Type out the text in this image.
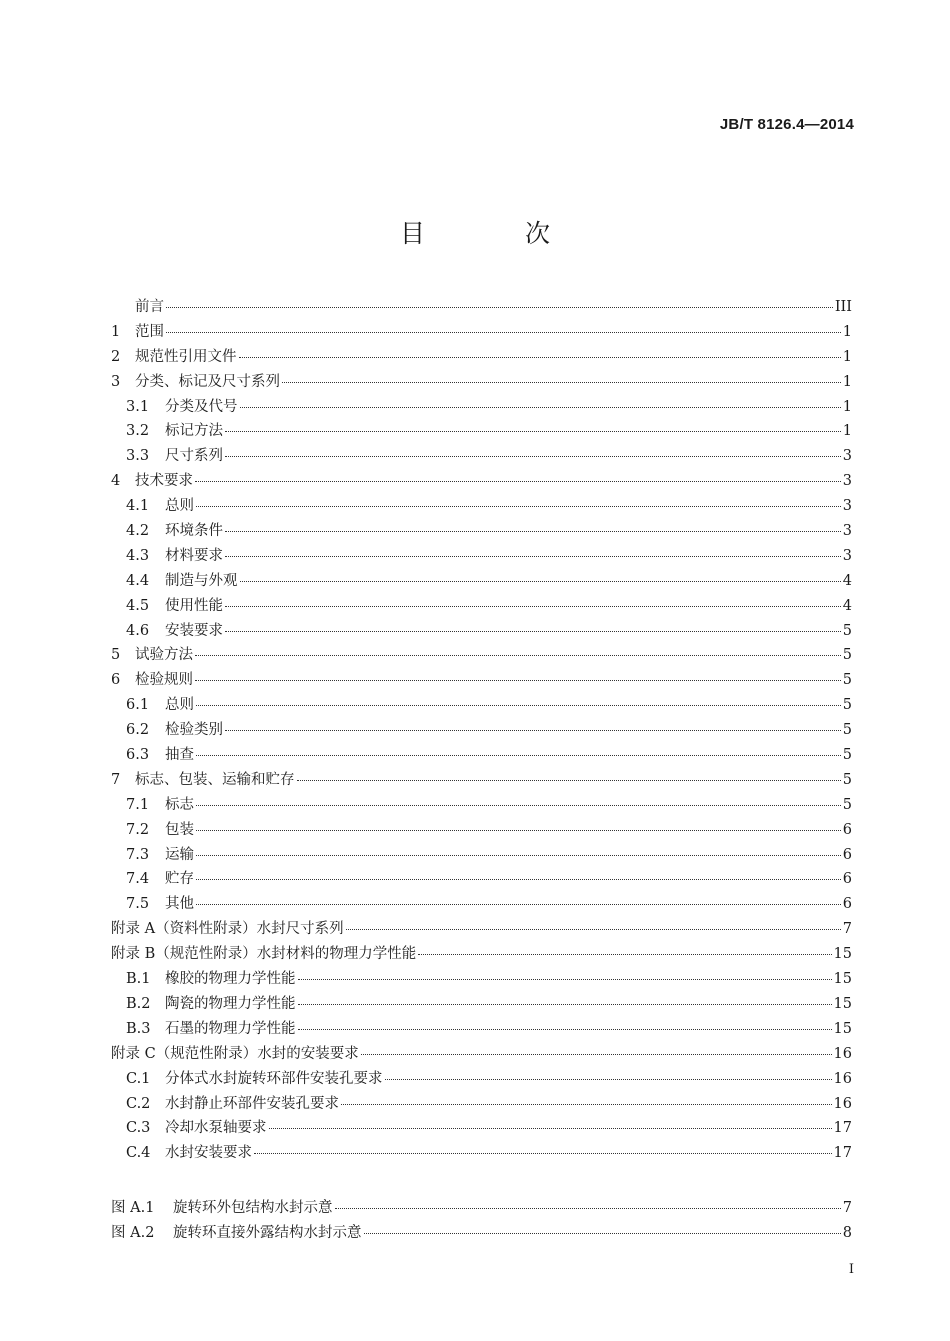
JB/T 8126.4—2014
目 次
前言	III
1	范围	1
2	规范性引用文件	1
3	分类、标记及尺寸系列	1
3.1	分类及代号	1
3.2	标记方法	1
3.3	尺寸系列	3
4	技术要求	3
4.1	总则	3
4.2	环境条件	3
4.3	材料要求	3
4.4	制造与外观	4
4.5	使用性能	4
4.6	安装要求	5
5	试验方法	5
6	检验规则	5
6.1	总则	5
6.2	检验类别	5
6.3	抽查	5
7	标志、包装、运输和贮存	5
7.1	标志	5
7.2	包装	6
7.3	运输	6
7.4	贮存	6
7.5	其他	6
附录 A（资料性附录）水封尺寸系列	7
附录 B（规范性附录）水封材料的物理力学性能	15
B.1	橡胶的物理力学性能	15
B.2	陶瓷的物理力学性能	15
B.3	石墨的物理力学性能	15
附录 C（规范性附录）水封的安装要求	16
C.1	分体式水封旋转环部件安装孔要求	16
C.2	水封静止环部件安装孔要求	16
C.3	冷却水泵轴要求	17
C.4	水封安装要求	17
图 A.1	旋转环外包结构水封示意	7
图 A.2	旋转环直接外露结构水封示意	8
I
